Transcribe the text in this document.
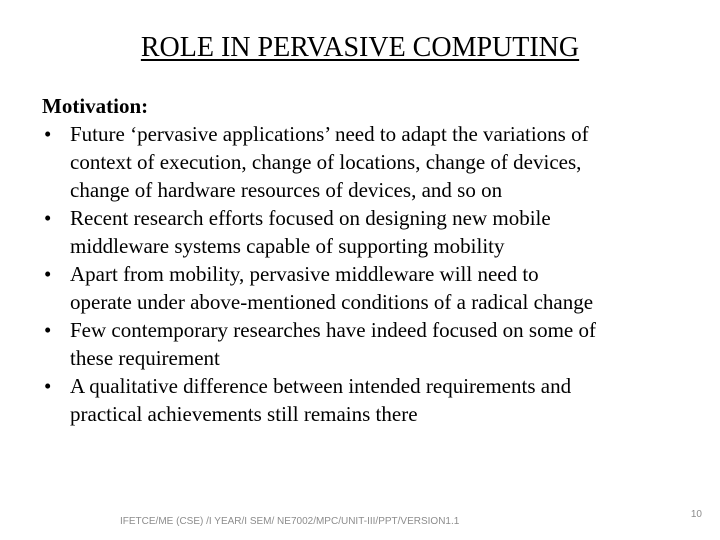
ROLE IN PERVASIVE COMPUTING
Motivation:
• Future ‘pervasive applications’ need to adapt the variations of
context of execution, change of locations, change of devices,
change of hardware resources of devices, and so on
• Recent research efforts focused on designing new mobile
middleware systems capable of supporting mobility
• Apart from mobility, pervasive middleware will need to
operate under above-mentioned conditions of a radical change
• Few contemporary researches have indeed focused on some of
these requirement
• A qualitative difference between intended requirements and
practical achievements still remains there
IFETCE/ME (CSE) /I YEAR/I SEM/ NE7002/MPC/UNIT-III/PPT/VERSION1.1
10
